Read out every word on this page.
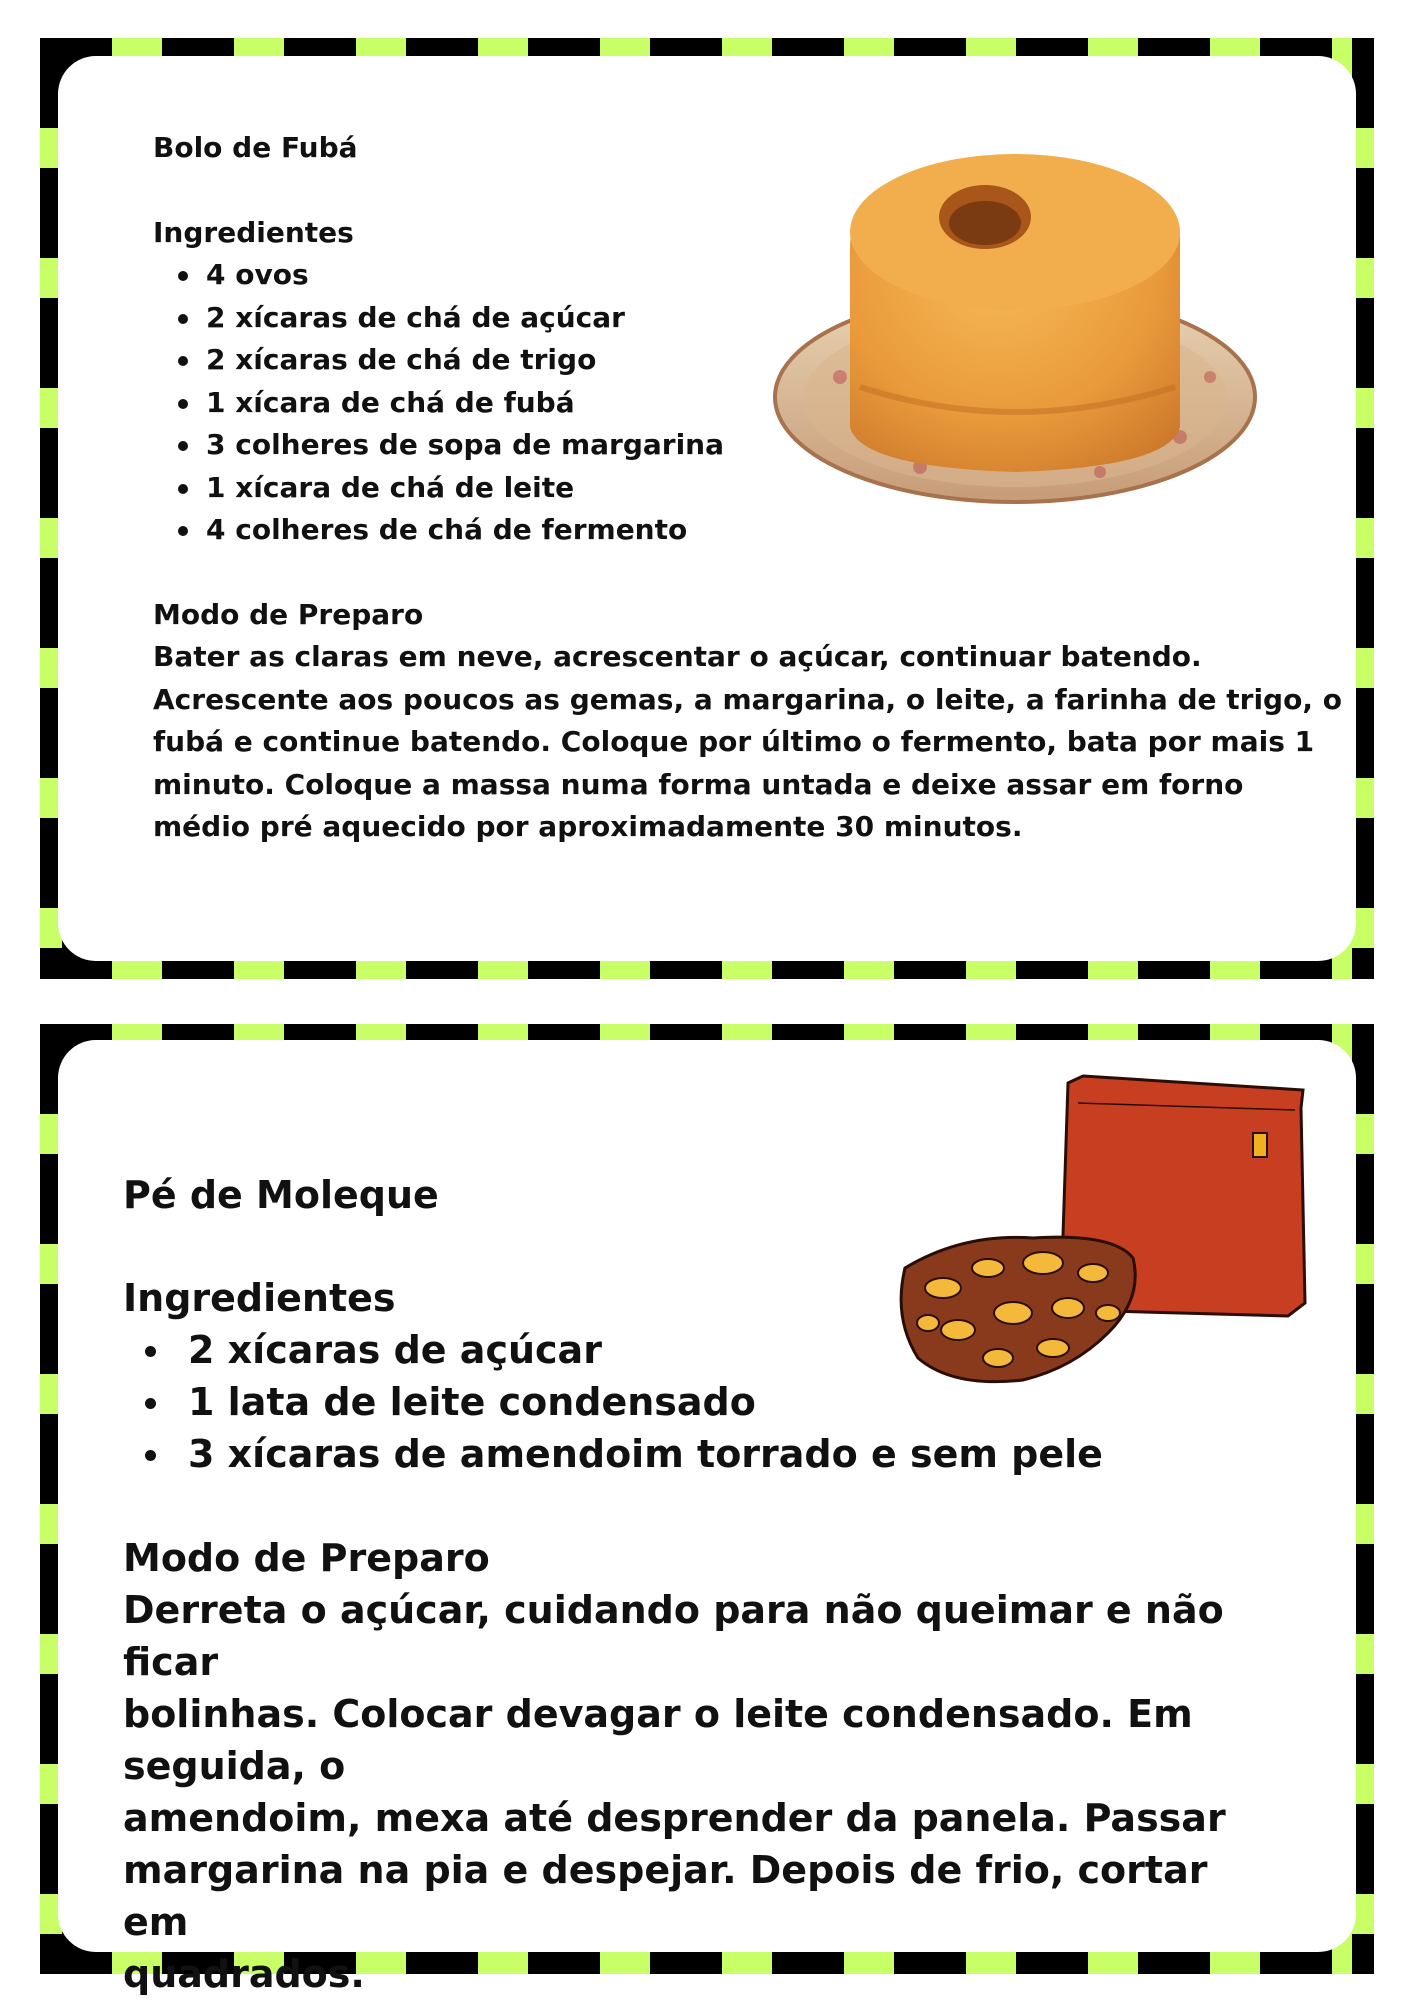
Bolo de Fubá
Ingredientes
4 ovos
2 xícaras de chá de açúcar
2 xícaras de chá de trigo
1 xícara de chá de fubá
3 colheres de sopa de margarina
1 xícara de chá de leite
4 colheres de chá de fermento
Modo de Preparo
Bater as claras em neve, acrescentar o açúcar, continuar batendo.
Acrescente aos poucos as gemas, a margarina, o leite, a farinha de trigo, o
fubá e continue batendo. Coloque por último o fermento, bata por mais 1
minuto. Coloque a massa numa forma untada e deixe assar em forno
médio pré aquecido por aproximadamente 30 minutos.
Pé de Moleque
Ingredientes
2 xícaras de açúcar
1 lata de leite condensado
3 xícaras de amendoim torrado e sem pele
Modo de Preparo
Derreta o açúcar, cuidando para não queimar e não ficar
bolinhas. Colocar devagar o leite condensado. Em seguida, o
amendoim, mexa até desprender da panela. Passar
margarina na pia e despejar. Depois de frio, cortar em
quadrados.
